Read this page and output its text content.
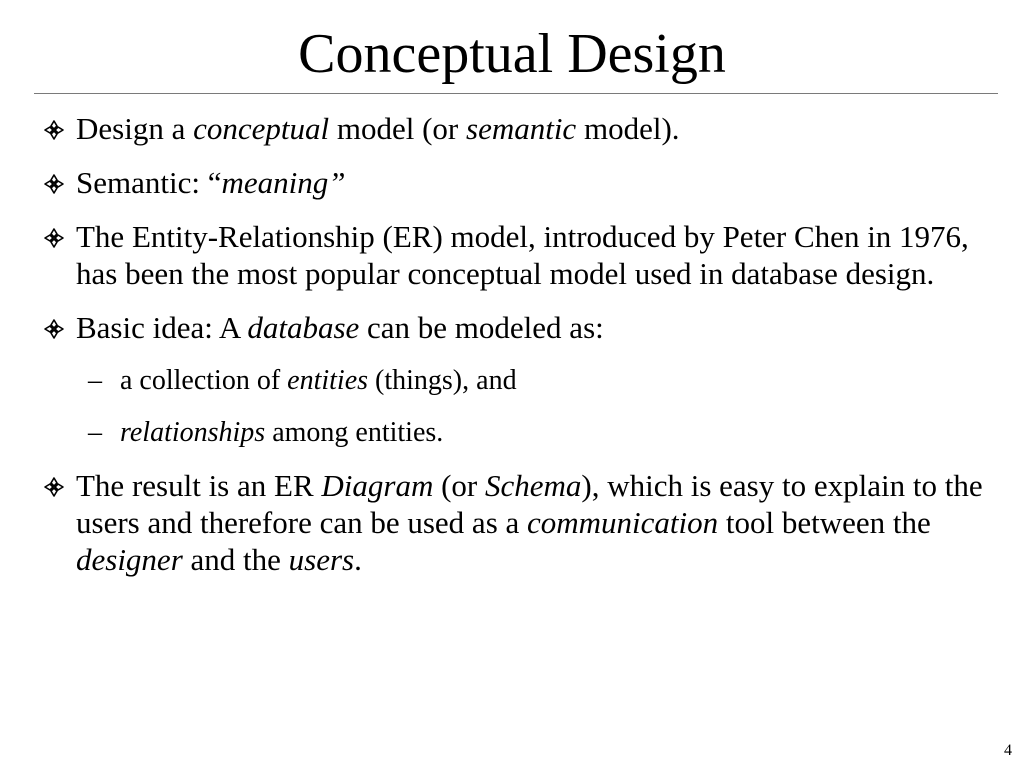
Conceptual Design
Design a conceptual model (or semantic model).
Semantic: “meaning”
The Entity-Relationship (ER) model, introduced by Peter Chen in 1976, has been the most popular conceptual model used in database design.
Basic idea: A database can be modeled as:
– a collection of entities (things), and
– relationships among entities.
The result is an ER Diagram (or Schema), which is easy to explain to the users and therefore can be used as a communication tool between the designer and the users.
4
